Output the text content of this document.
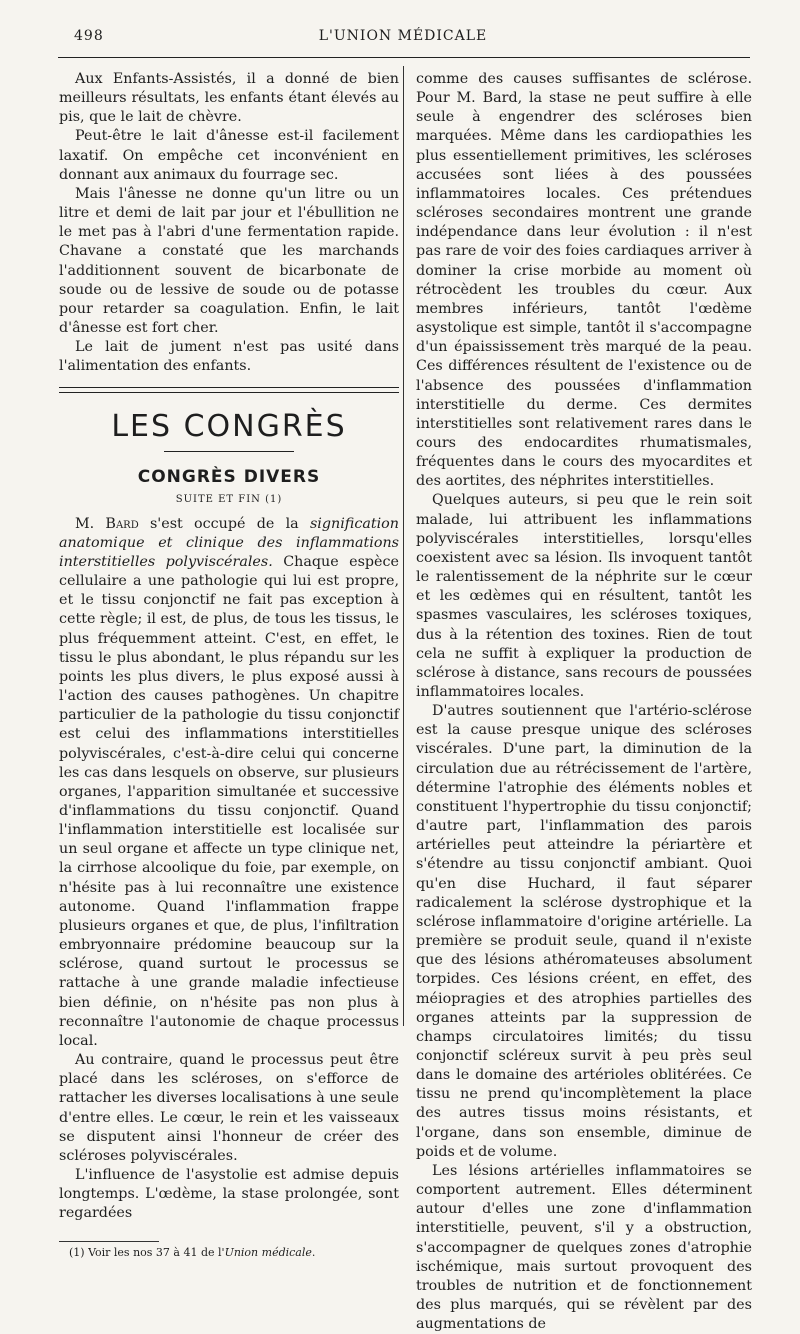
498	L'UNION MÉDICALE

Aux Enfants-Assistés, il a donné de bien meilleurs résultats, les enfants étant élevés au pis, que le lait de chèvre.

Peut-être le lait d'ânesse est-il facilement laxatif. On empêche cet inconvénient en donnant aux animaux du fourrage sec.

Mais l'ânesse ne donne qu'un litre ou un litre et demi de lait par jour et l'ébullition ne le met pas à l'abri d'une fermentation rapide. Chavane a constaté que les marchands l'additionnent souvent de bicarbonate de soude ou de lessive de soude ou de potasse pour retarder sa coagulation. Enfin, le lait d'ânesse est fort cher.

Le lait de jument n'est pas usité dans l'alimentation des enfants.

LES CONGRÈS
CONGRÈS DIVERS
SUITE ET FIN (1)

M. Bard s'est occupé de la signification anatomique et clinique des inflammations interstitielles polyviscérales. Chaque espèce cellulaire a une pathologie qui lui est propre, et le tissu conjonctif ne fait pas exception à cette règle; il est, de plus, de tous les tissus, le plus fréquemment atteint. C'est, en effet, le tissu le plus abondant, le plus répandu sur les points les plus divers, le plus exposé aussi à l'action des causes pathogènes. Un chapitre particulier de la pathologie du tissu conjonctif est celui des inflammations interstitielles polyviscérales, c'est-à-dire celui qui concerne les cas dans lesquels on observe, sur plusieurs organes, l'apparition simultanée et successive d'inflammations du tissu conjonctif. Quand l'inflammation interstitielle est localisée sur un seul organe et affecte un type clinique net, la cirrhose alcoolique du foie, par exemple, on n'hésite pas à lui reconnaître une existence autonome. Quand l'inflammation frappe plusieurs organes et que, de plus, l'infiltration embryonnaire prédomine beaucoup sur la sclérose, quand surtout le processus se rattache à une grande maladie infectieuse bien définie, on n'hésite pas non plus à reconnaître l'autonomie de chaque processus local.

Au contraire, quand le processus peut être placé dans les scléroses, on s'efforce de rattacher les diverses localisations à une seule d'entre elles. Le cœur, le rein et les vaisseaux se disputent ainsi l'honneur de créer des scléroses polyviscérales.

L'influence de l'asystolie est admise depuis longtemps. L'œdème, la stase prolongée, sont regardées

(1) Voir les nos 37 à 41 de l'Union médicale.

comme des causes suffisantes de sclérose. Pour M. Bard, la stase ne peut suffire à elle seule à engendrer des scléroses bien marquées. Même dans les cardiopathies les plus essentiellement primitives, les scléroses accusées sont liées à des poussées inflammatoires locales. Ces prétendues scléroses secondaires montrent une grande indépendance dans leur évolution : il n'est pas rare de voir des foies cardiaques arriver à dominer la crise morbide au moment où rétrocèdent les troubles du cœur. Aux membres inférieurs, tantôt l'œdème asystolique est simple, tantôt il s'accompagne d'un épaississement très marqué de la peau. Ces différences résultent de l'existence ou de l'absence des poussées d'inflammation interstitielle du derme. Ces dermites interstitielles sont relativement rares dans le cours des endocardites rhumatismales, fréquentes dans le cours des myocardites et des aortites, des néphrites interstitielles.

Quelques auteurs, si peu que le rein soit malade, lui attribuent les inflammations polyviscérales interstitielles, lorsqu'elles coexistent avec sa lésion. Ils invoquent tantôt le ralentissement de la néphrite sur le cœur et les œdèmes qui en résultent, tantôt les spasmes vasculaires, les scléroses toxiques, dus à la rétention des toxines. Rien de tout cela ne suffit à expliquer la production de sclérose à distance, sans recours de poussées inflammatoires locales.

D'autres soutiennent que l'artério-sclérose est la cause presque unique des scléroses viscérales. D'une part, la diminution de la circulation due au rétrécissement de l'artère, détermine l'atrophie des éléments nobles et constituent l'hypertrophie du tissu conjonctif; d'autre part, l'inflammation des parois artérielles peut atteindre la périartère et s'étendre au tissu conjonctif ambiant. Quoi qu'en dise Huchard, il faut séparer radicalement la sclérose dystrophique et la sclérose inflammatoire d'origine artérielle. La première se produit seule, quand il n'existe que des lésions athéromateuses absolument torpides. Ces lésions créent, en effet, des méiopragies et des atrophies partielles des organes atteints par la suppression de champs circulatoires limités; du tissu conjonctif scléreux survit à peu près seul dans le domaine des artérioles oblitérées. Ce tissu ne prend qu'incomplètement la place des autres tissus moins résistants, et l'organe, dans son ensemble, diminue de poids et de volume.

Les lésions artérielles inflammatoires se comportent autrement. Elles déterminent autour d'elles une zone d'inflammation interstitielle, peuvent, s'il y a obstruction, s'accompagner de quelques zones d'atrophie ischémique, mais surtout provoquent des troubles de nutrition et de fonctionnement des plus marqués, qui se révèlent par des augmentations de
